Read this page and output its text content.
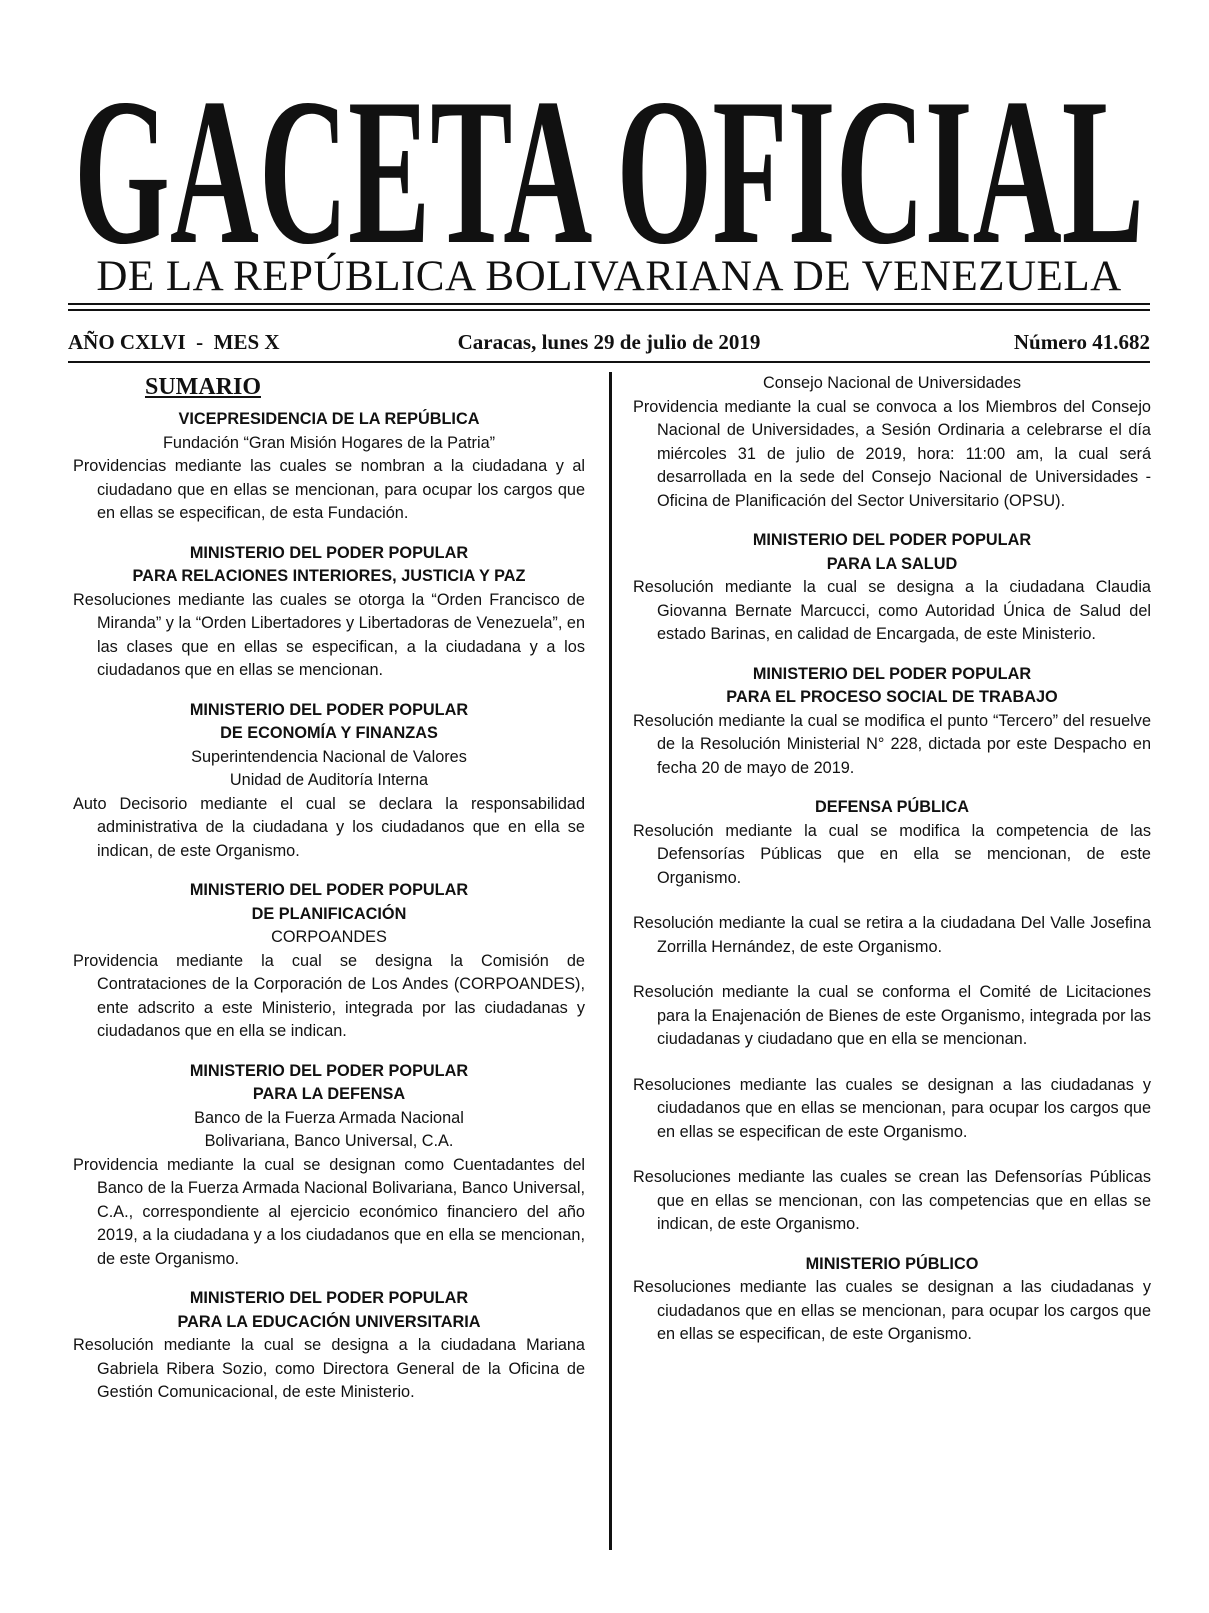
GACETA OFICIAL
DE LA REPÚBLICA BOLIVARIANA DE VENEZUELA
AÑO CXLVI  -  MES X	Caracas, lunes 29 de julio de 2019	Número 41.682
SUMARIO
VICEPRESIDENCIA DE LA REPÚBLICA
Fundación “Gran Misión Hogares de la Patria”
Providencias mediante las cuales se nombran a la ciudadana y al ciudadano que en ellas se mencionan, para ocupar los cargos que en ellas se especifican, de esta Fundación.
MINISTERIO DEL PODER POPULAR
PARA RELACIONES INTERIORES, JUSTICIA Y PAZ
Resoluciones mediante las cuales se otorga la “Orden Francisco de Miranda” y la “Orden Libertadores y Libertadoras de Venezuela”, en las clases que en ellas se especifican, a la ciudadana y a los ciudadanos que en ellas se mencionan.
MINISTERIO DEL PODER POPULAR
DE ECONOMÍA Y FINANZAS
Superintendencia Nacional de Valores
Unidad de Auditoría Interna
Auto Decisorio mediante el cual se declara la responsabilidad administrativa de la ciudadana y los ciudadanos que en ella se indican, de este Organismo.
MINISTERIO DEL PODER POPULAR
DE PLANIFICACIÓN
CORPOANDES
Providencia mediante la cual se designa la Comisión de Contrataciones de la Corporación de Los Andes (CORPOANDES), ente adscrito a este Ministerio, integrada por las ciudadanas y ciudadanos que en ella se indican.
MINISTERIO DEL PODER POPULAR
PARA LA DEFENSA
Banco de la Fuerza Armada Nacional
Bolivariana, Banco Universal, C.A.
Providencia mediante la cual se designan como Cuentadantes del Banco de la Fuerza Armada Nacional Bolivariana, Banco Universal, C.A., correspondiente al ejercicio económico financiero del año 2019, a la ciudadana y a los ciudadanos que en ella se mencionan, de este Organismo.
MINISTERIO DEL PODER POPULAR
PARA LA EDUCACIÓN UNIVERSITARIA
Resolución mediante la cual se designa a la ciudadana Mariana Gabriela Ribera Sozio, como Directora General de la Oficina de Gestión Comunicacional, de este Ministerio.
Consejo Nacional de Universidades
Providencia mediante la cual se convoca a los Miembros del Consejo Nacional de Universidades, a Sesión Ordinaria a celebrarse el día miércoles 31 de julio de 2019, hora: 11:00 am, la cual será desarrollada en la sede del Consejo Nacional de Universidades - Oficina de Planificación del Sector Universitario (OPSU).
MINISTERIO DEL PODER POPULAR
PARA LA SALUD
Resolución mediante la cual se designa a la ciudadana Claudia Giovanna Bernate Marcucci, como Autoridad Única de Salud del estado Barinas, en calidad de Encargada, de este Ministerio.
MINISTERIO DEL PODER POPULAR
PARA EL PROCESO SOCIAL DE TRABAJO
Resolución mediante la cual se modifica el punto “Tercero” del resuelve de la Resolución Ministerial N° 228, dictada por este Despacho en fecha 20 de mayo de 2019.
DEFENSA PÚBLICA
Resolución mediante la cual se modifica la competencia de las Defensorías Públicas que en ella se mencionan, de este Organismo.
Resolución mediante la cual se retira a la ciudadana Del Valle Josefina Zorrilla Hernández, de este Organismo.
Resolución mediante la cual se conforma el Comité de Licitaciones para la Enajenación de Bienes de este Organismo, integrada por las ciudadanas y ciudadano que en ella se mencionan.
Resoluciones mediante las cuales se designan a las ciudadanas y ciudadanos que en ellas se mencionan, para ocupar los cargos que en ellas se especifican de este Organismo.
Resoluciones mediante las cuales se crean las Defensorías Públicas que en ellas se mencionan, con las competencias que en ellas se indican, de este Organismo.
MINISTERIO PÚBLICO
Resoluciones mediante las cuales se designan a las ciudadanas y ciudadanos que en ellas se mencionan, para ocupar los cargos que en ellas se especifican, de este Organismo.
